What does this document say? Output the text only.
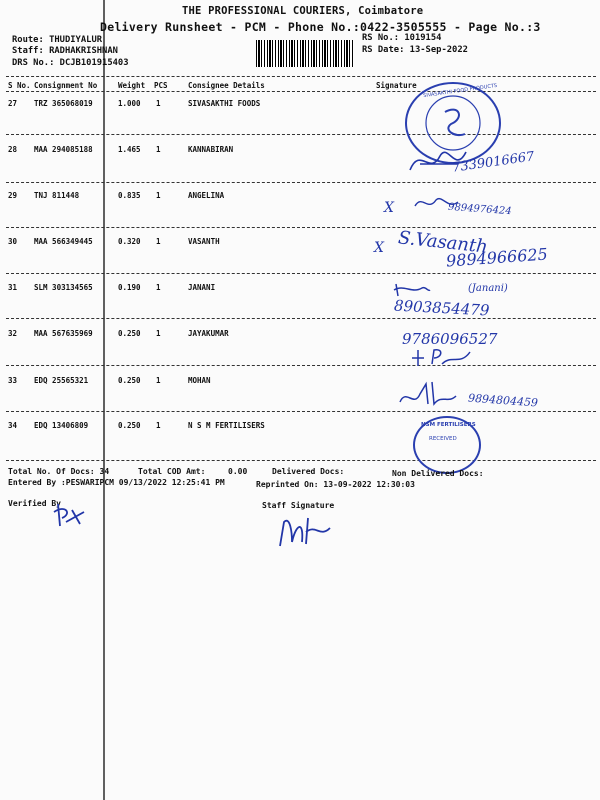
THE PROFESSIONAL COURIERS, Coimbatore
Delivery Runsheet - PCM - Phone No.:0422-3505555 - Page No.:3
Route: THUDIYALUR
Staff: RADHAKRISHNAN
DRS No.: DCJB101915403
RS No.: 1019154
RS Date: 13-Sep-2022
S No. Consignment No	Weight PCS	Consignee Details	Signature
27 TRZ 365068019	1.000 1	SIVASAKTHI FOODS
28 MAA 294085188	1.465 1	KANNABIRAN
29 TNJ 811448	0.835 1	ANGELINA
30 MAA 566349445	0.320 1	VASANTH
31 SLM 303134565	0.190 1	JANANI
32 MAA 567635969	0.250 1	JAYAKUMAR
33 EDQ 25565321	0.250 1	MOHAN
34 EDQ 13406809	0.250 1	N S M FERTILISERS
SIVASAKTHI FOOD PRODUCTS
NSM FERTILISERS
RECEIVED
7339016667
X	9894976424
X S.Vasanth
9894966625
(Janani)
8903854479
9786096527
9894804459
Total No. Of Docs: 34	Total COD Amt:	0.00	Delivered Docs:	Non Delivered Docs:
Entered By :PESWARIPCM 09/13/2022 12:25:41 PM	Reprinted On: 13-09-2022 12:30:03
Verified By	Staff Signature
